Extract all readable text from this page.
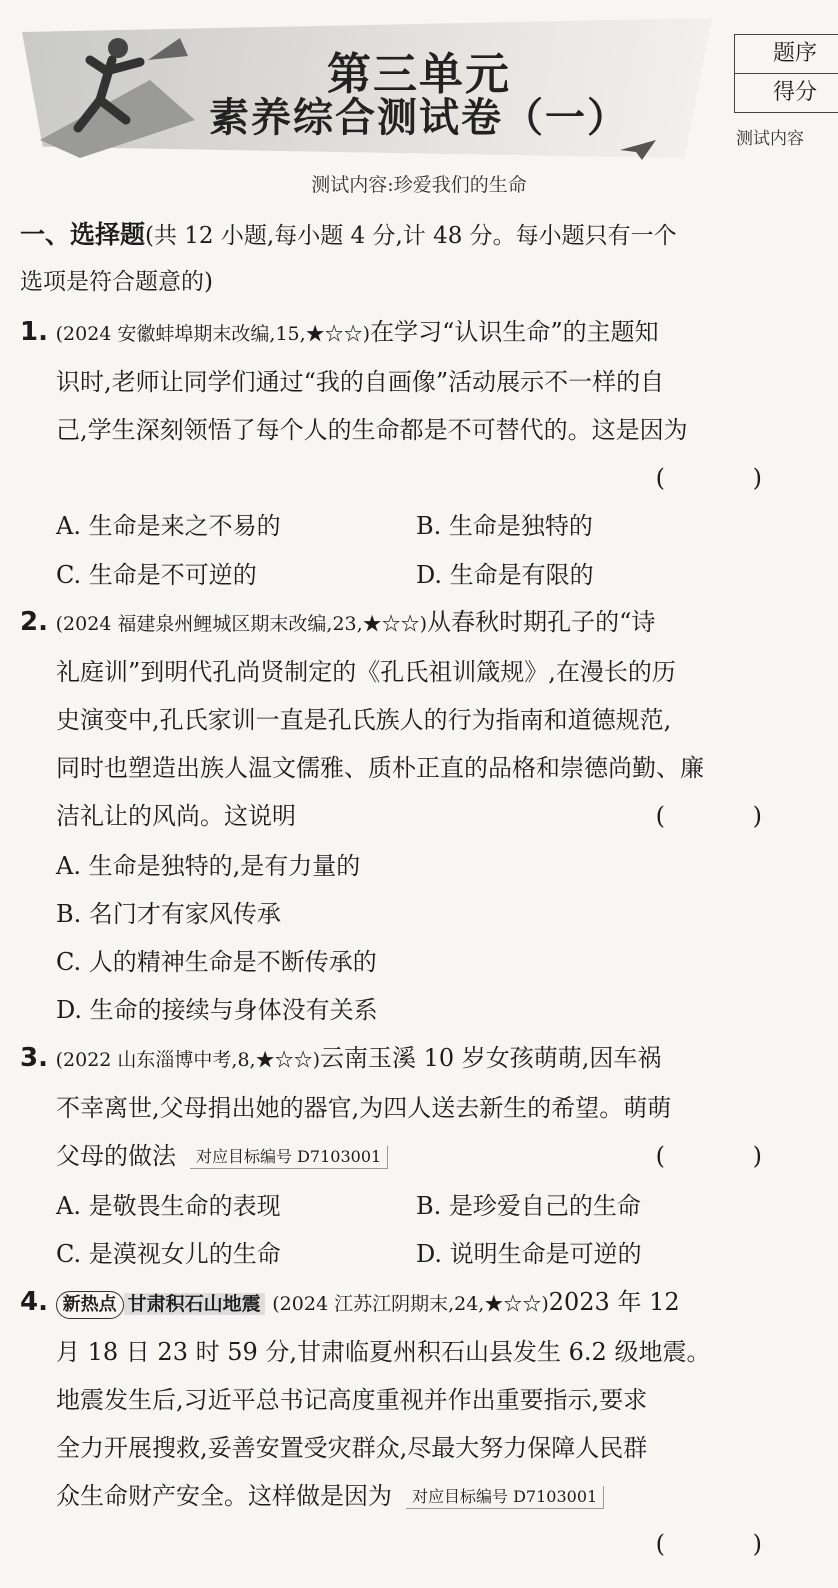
第三单元
素养综合测试卷（一）
题序
得分
测试内容
测试内容:珍爱我们的生命
一、选择题(共 12 小题,每小题 4 分,计 48 分。每小题只有一个
选项是符合题意的)
1. (2024 安徽蚌埠期末改编,15,★☆☆)在学习“认识生命”的主题知
识时,老师让同学们通过“我的自画像”活动展示不一样的自
己,学生深刻领悟了每个人的生命都是不可替代的。这是因为
( )
A. 生命是来之不易的	B. 生命是独特的
C. 生命是不可逆的	D. 生命是有限的
2. (2024 福建泉州鲤城区期末改编,23,★☆☆)从春秋时期孔子的“诗
礼庭训”到明代孔尚贤制定的《孔氏祖训箴规》,在漫长的历
史演变中,孔氏家训一直是孔氏族人的行为指南和道德规范,
同时也塑造出族人温文儒雅、质朴正直的品格和崇德尚勤、廉
洁礼让的风尚。这说明	( )
A. 生命是独特的,是有力量的
B. 名门才有家风传承
C. 人的精神生命是不断传承的
D. 生命的接续与身体没有关系
3. (2022 山东淄博中考,8,★☆☆)云南玉溪 10 岁女孩萌萌,因车祸
不幸离世,父母捐出她的器官,为四人送去新生的希望。萌萌
父母的做法 对应目标编号 D7103001	( )
A. 是敬畏生命的表现	B. 是珍爱自己的生命
C. 是漠视女儿的生命	D. 说明生命是可逆的
4. 新热点 甘肃积石山地震 (2024 江苏江阴期末,24,★☆☆)2023 年 12
月 18 日 23 时 59 分,甘肃临夏州积石山县发生 6.2 级地震。
地震发生后,习近平总书记高度重视并作出重要指示,要求
全力开展搜救,妥善安置受灾群众,尽最大努力保障人民群
众生命财产安全。这样做是因为 对应目标编号 D7103001
( )
